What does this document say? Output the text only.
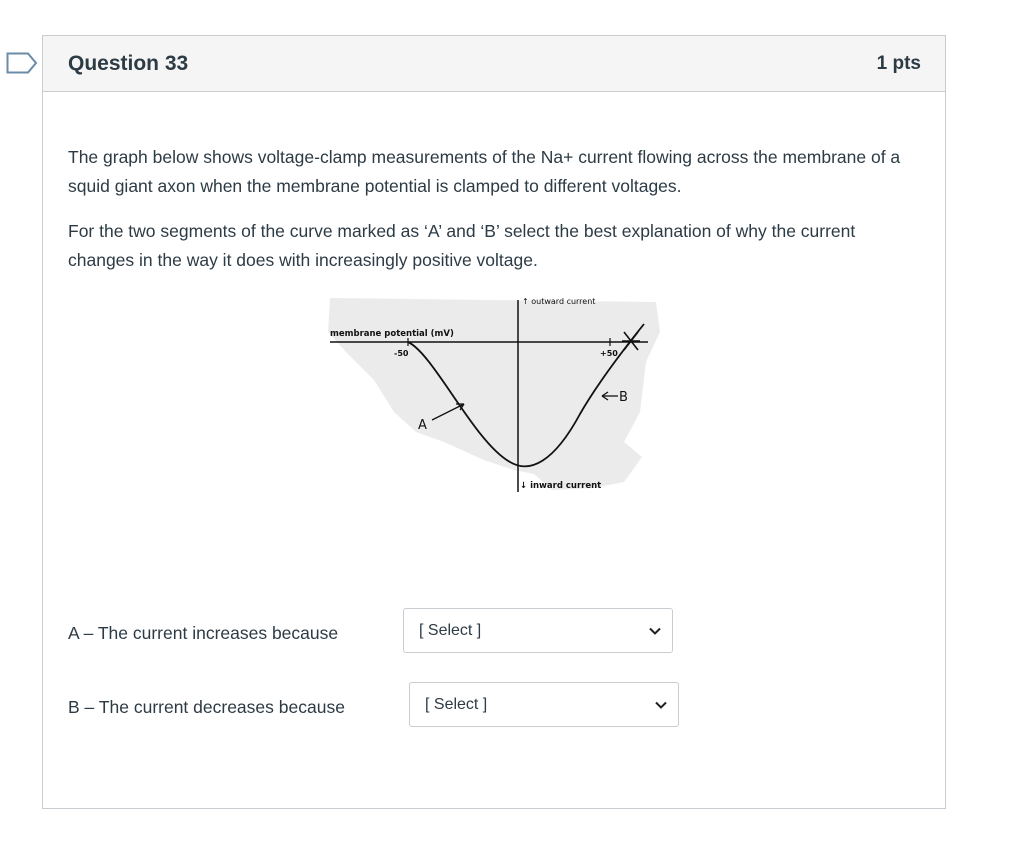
Question 33	1 pts

The graph below shows voltage-clamp measurements of the Na+ current flowing across the membrane of a squid giant axon when the membrane potential is clamped to different voltages.

For the two segments of the curve marked as ‘A’ and ‘B’ select the best explanation of why the current changes in the way it does with increasingly positive voltage.

↑ outward current
membrane potential (mV)
-50	+50
↓ inward current
A
B
A – The current increases because	[ Select ]
B – The current decreases because	[ Select ]
